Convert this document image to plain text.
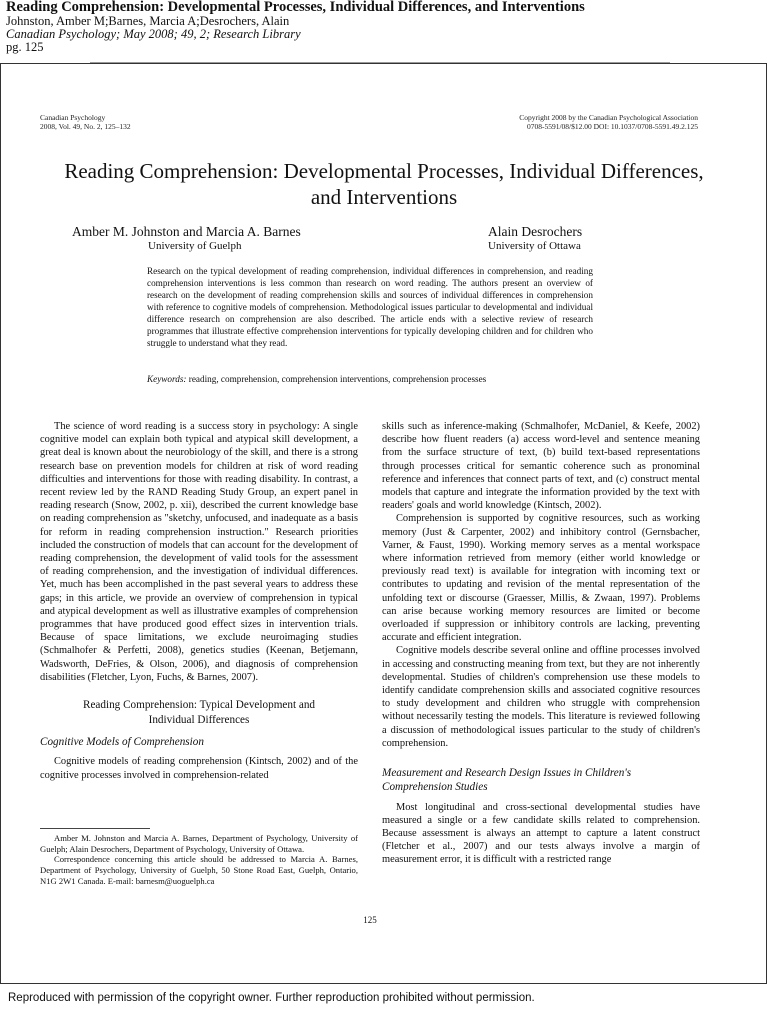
Reading Comprehension: Developmental Processes, Individual Differences, and Interventions
Johnston, Amber M;Barnes, Marcia A;Desrochers, Alain
Canadian Psychology; May 2008; 49, 2; Research Library
pg. 125
Canadian Psychology
2008, Vol. 49, No. 2, 125–132
Copyright 2008 by the Canadian Psychological Association
0708-5591/08/$12.00 DOI: 10.1037/0708-5591.49.2.125
Reading Comprehension: Developmental Processes, Individual Differences,
and Interventions
Amber M. Johnston and Marcia A. Barnes
University of Guelph
Alain Desrochers
University of Ottawa
Research on the typical development of reading comprehension, individual differences in comprehension, and reading comprehension interventions is less common than research on word reading. The authors present an overview of research on the development of reading comprehension skills and sources of individual differences in comprehension with reference to cognitive models of comprehension. Methodological issues particular to developmental and individual difference research on comprehension are also described. The article ends with a selective review of research programmes that illustrate effective comprehension interventions for typically developing children and for children who struggle to understand what they read.
Keywords: reading, comprehension, comprehension interventions, comprehension processes

The science of word reading is a success story in psychology: A single cognitive model can explain both typical and atypical skill development, a great deal is known about the neurobiology of the skill, and there is a strong research base on prevention models for children at risk of word reading difficulties and interventions for those with reading disability. In contrast, a recent review led by the RAND Reading Study Group, an expert panel in reading research (Snow, 2002, p. xii), described the current knowledge base on reading comprehension as "sketchy, unfocused, and inadequate as a basis for reform in reading comprehension instruction." Research priorities included the construction of models that can account for the development of reading comprehension, the development of valid tools for the assessment of reading comprehension, and the investigation of individual differences. Yet, much has been accomplished in the past several years to address these gaps; in this article, we provide an overview of comprehension in typical and atypical development as well as illustrative examples of comprehension programmes that have produced good effect sizes in intervention trials. Because of space limitations, we exclude neuroimaging studies (Schmalhofer & Perfetti, 2008), genetics studies (Keenan, Betjemann, Wadsworth, DeFries, & Olson, 2006), and diagnosis of comprehension disabilities (Fletcher, Lyon, Fuchs, & Barnes, 2007).

Reading Comprehension: Typical Development and
Individual Differences
Cognitive Models of Comprehension

Cognitive models of reading comprehension (Kintsch, 2002) and of the cognitive processes involved in comprehension-related

Amber M. Johnston and Marcia A. Barnes, Department of Psychology, University of Guelph; Alain Desrochers, Department of Psychology, University of Ottawa.

Correspondence concerning this article should be addressed to Marcia A. Barnes, Department of Psychology, University of Guelph, 50 Stone Road East, Guelph, Ontario, N1G 2W1 Canada. E-mail: barnesm@uoguelph.ca

skills such as inference-making (Schmalhofer, McDaniel, & Keefe, 2002) describe how fluent readers (a) access word-level and sentence meaning from the surface structure of text, (b) build text-based representations through processes critical for semantic coherence such as pronominal reference and inferences that connect parts of text, and (c) construct mental models that capture and integrate the information provided by the text with readers' goals and world knowledge (Kintsch, 2002).

Comprehension is supported by cognitive resources, such as working memory (Just & Carpenter, 2002) and inhibitory control (Gernsbacher, Varner, & Faust, 1990). Working memory serves as a mental workspace where information retrieved from memory (either world knowledge or previously read text) is available for integration with incoming text or contributes to updating and revision of the mental representation of the unfolding text or discourse (Graesser, Millis, & Zwaan, 1997). Problems can arise because working memory resources are limited or become overloaded if suppression or inhibitory controls are lacking, preventing accurate and efficient integration.

Cognitive models describe several online and offline processes involved in accessing and constructing meaning from text, but they are not inherently developmental. Studies of children's comprehension use these models to identify candidate comprehension skills and associated cognitive resources to study development and children who struggle with comprehension without necessarily testing the models. This literature is reviewed following a discussion of methodological issues particular to the study of children's comprehension.

Measurement and Research Design Issues in Children's
Comprehension Studies

Most longitudinal and cross-sectional developmental studies have measured a single or a few candidate skills related to comprehension. Because assessment is always an attempt to capture a latent construct (Fletcher et al., 2007) and our tests always involve a margin of measurement error, it is difficult with a restricted range

125
Reproduced with permission of the copyright owner. Further reproduction prohibited without permission.
